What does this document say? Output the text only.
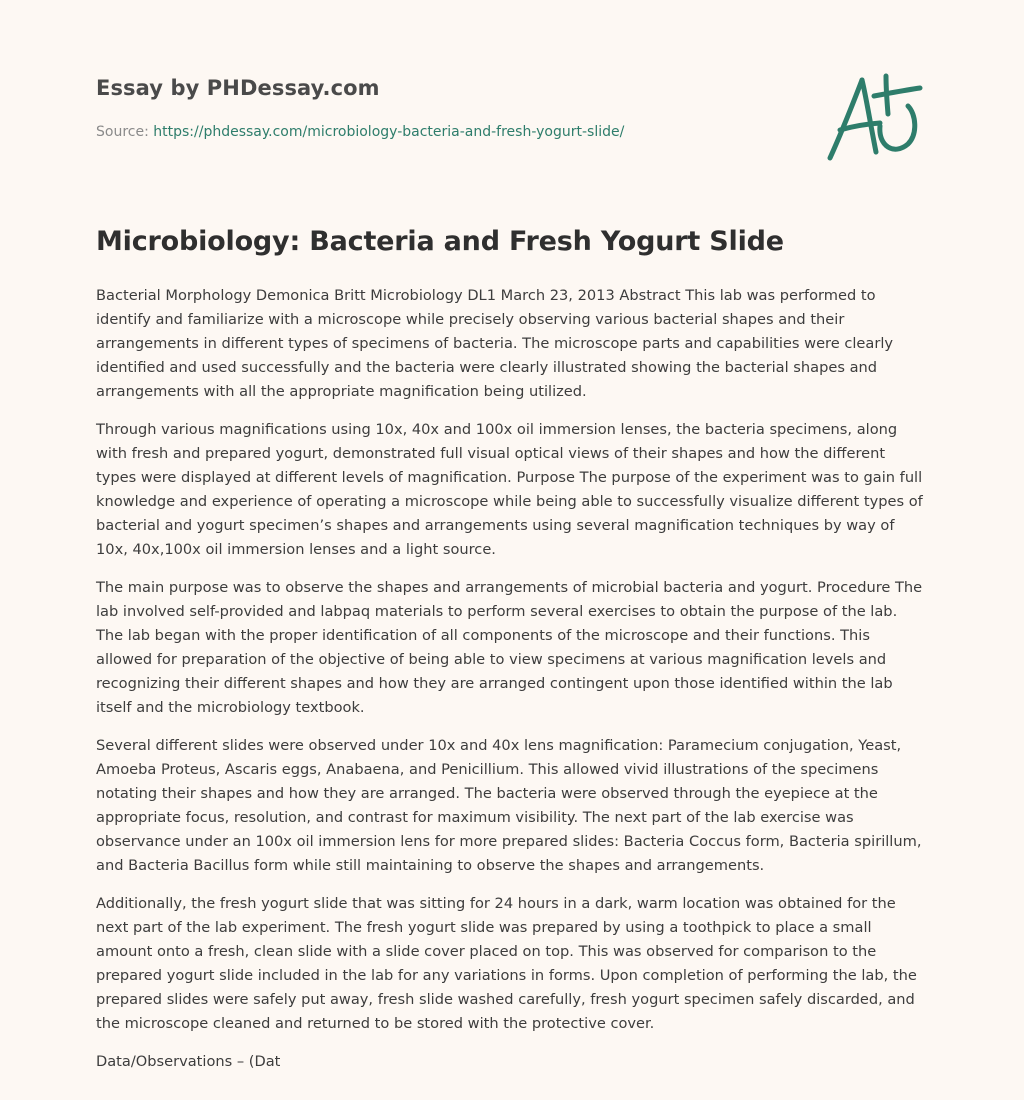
Essay by PHDessay.com
Source: https://phdessay.com/microbiology-bacteria-and-fresh-yogurt-slide/
Microbiology: Bacteria and Fresh Yogurt Slide

Bacterial Morphology Demonica Britt Microbiology DL1 March 23, 2013 Abstract This lab was performed to identify and familiarize with a microscope while precisely observing various bacterial shapes and their arrangements in different types of specimens of bacteria. The microscope parts and capabilities were clearly identified and used successfully and the bacteria were clearly illustrated showing the bacterial shapes and arrangements with all the appropriate magnification being utilized.

Through various magnifications using 10x, 40x and 100x oil immersion lenses, the bacteria specimens, along with fresh and prepared yogurt, demonstrated full visual optical views of their shapes and how the different types were displayed at different levels of magnification. Purpose The purpose of the experiment was to gain full knowledge and experience of operating a microscope while being able to successfully visualize different types of bacterial and yogurt specimen’s shapes and arrangements using several magnification techniques by way of 10x, 40x,100x oil immersion lenses and a light source.

The main purpose was to observe the shapes and arrangements of microbial bacteria and yogurt. Procedure The lab involved self-provided and labpaq materials to perform several exercises to obtain the purpose of the lab. The lab began with the proper identification of all components of the microscope and their functions. This allowed for preparation of the objective of being able to view specimens at various magnification levels and recognizing their different shapes and how they are arranged contingent upon those identified within the lab itself and the microbiology textbook.

Several different slides were observed under 10x and 40x lens magnification: Paramecium conjugation, Yeast, Amoeba Proteus, Ascaris eggs, Anabaena, and Penicillium. This allowed vivid illustrations of the specimens notating their shapes and how they are arranged. The bacteria were observed through the eyepiece at the appropriate focus, resolution, and contrast for maximum visibility. The next part of the lab exercise was observance under an 100x oil immersion lens for more prepared slides: Bacteria Coccus form, Bacteria spirillum, and Bacteria Bacillus form while still maintaining to observe the shapes and arrangements.

Additionally, the fresh yogurt slide that was sitting for 24 hours in a dark, warm location was obtained for the next part of the lab experiment. The fresh yogurt slide was prepared by using a toothpick to place a small amount onto a fresh, clean slide with a slide cover placed on top. This was observed for comparison to the prepared yogurt slide included in the lab for any variations in forms. Upon completion of performing the lab, the prepared slides were safely put away, fresh slide washed carefully, fresh yogurt specimen safely discarded, and the microscope cleaned and returned to be stored with the protective cover.

Data/Observations – (Dat
